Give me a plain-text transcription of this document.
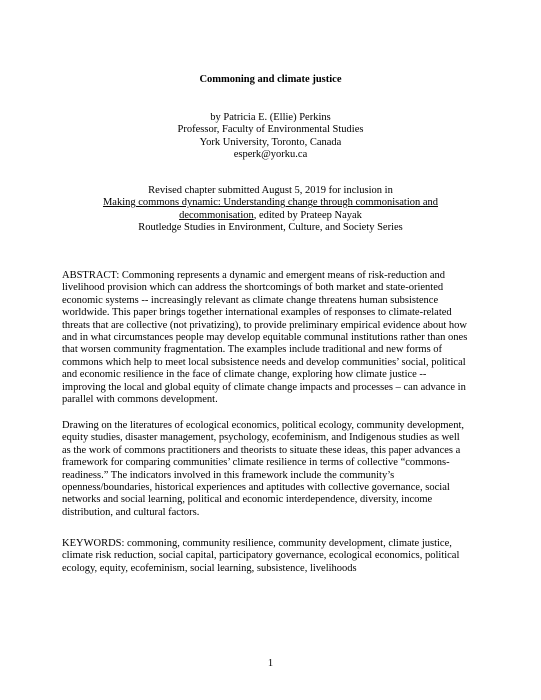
Commoning and climate justice
by Patricia E. (Ellie) Perkins
Professor, Faculty of Environmental Studies
York University, Toronto, Canada
esperk@yorku.ca
Revised chapter submitted August 5, 2019 for inclusion in
Making commons dynamic: Understanding change through commonisation and
decommonisation, edited by Prateep Nayak
Routledge Studies in Environment, Culture, and Society Series
ABSTRACT: Commoning represents a dynamic and emergent means of risk-reduction and
livelihood provision which can address the shortcomings of both market and state-oriented
economic systems -- increasingly relevant as climate change threatens human subsistence
worldwide. This paper brings together international examples of responses to climate-related
threats that are collective (not privatizing), to provide preliminary empirical evidence about how
and in what circumstances people may develop equitable communal institutions rather than ones
that worsen community fragmentation. The examples include traditional and new forms of
commons which help to meet local subsistence needs and develop communities’ social, political
and economic resilience in the face of climate change, exploring how climate justice --
improving the local and global equity of climate change impacts and processes – can advance in
parallel with commons development.
Drawing on the literatures of ecological economics, political ecology, community development,
equity studies, disaster management, psychology, ecofeminism, and Indigenous studies as well
as the work of commons practitioners and theorists to situate these ideas, this paper advances a
framework for comparing communities’ climate resilience in terms of collective “commons-
readiness.” The indicators involved in this framework include the community’s
openness/boundaries, historical experiences and aptitudes with collective governance, social
networks and social learning, political and economic interdependence, diversity, income
distribution, and cultural factors.
KEYWORDS: commoning, community resilience, community development, climate justice,
climate risk reduction, social capital, participatory governance, ecological economics, political
ecology, equity, ecofeminism, social learning, subsistence, livelihoods
1
